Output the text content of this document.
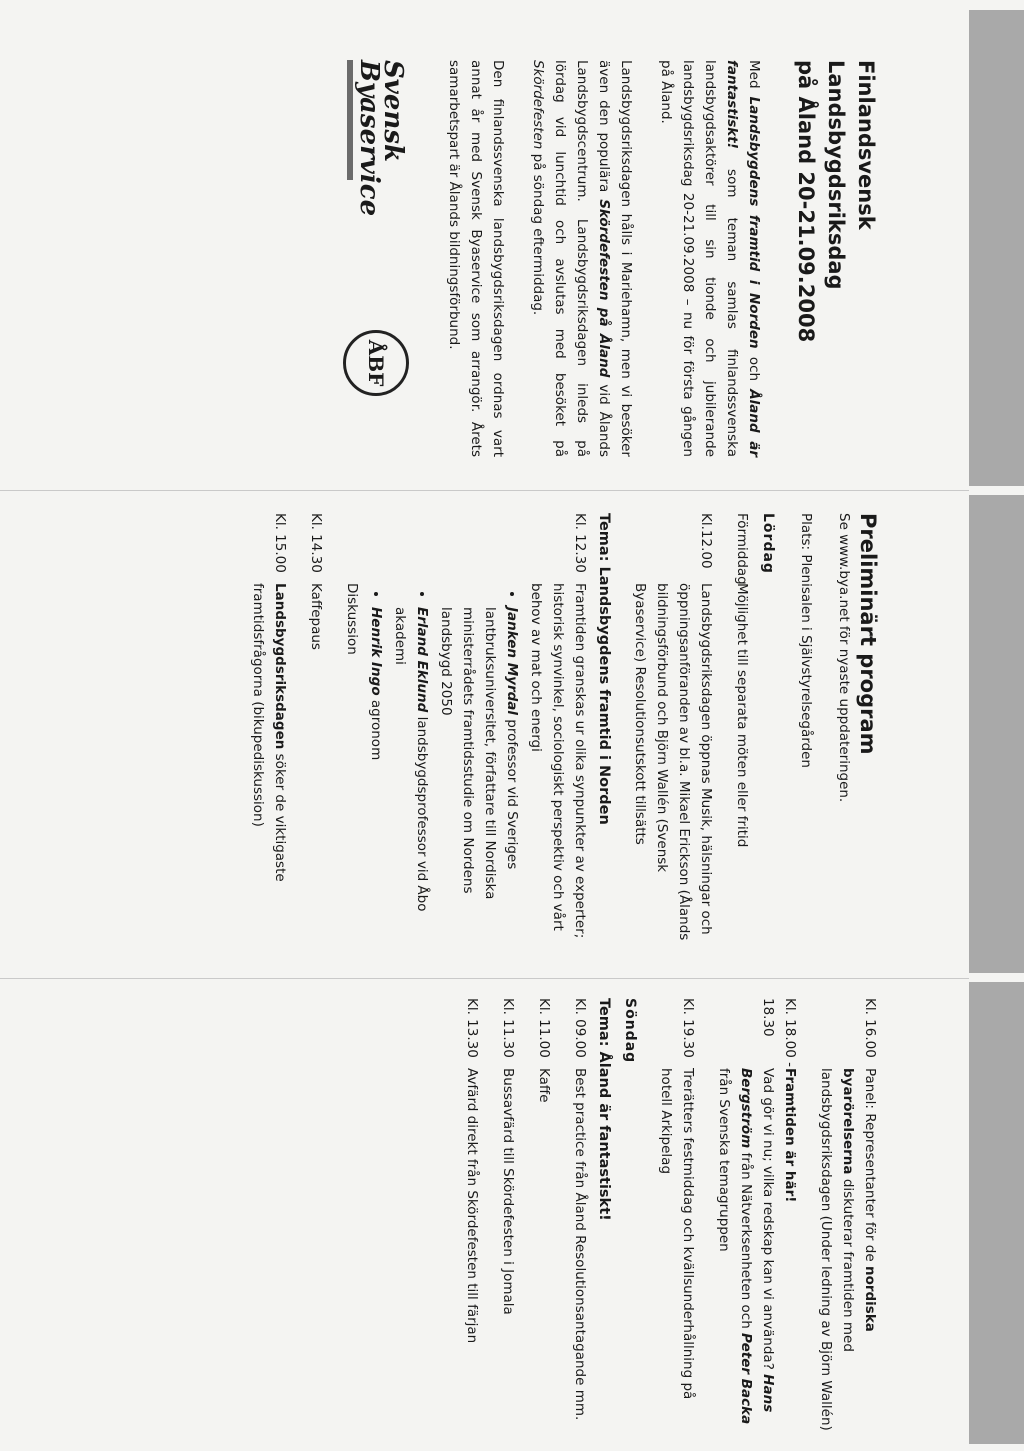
Finlandsvensk Landsbygdsriksdag
på Åland 20-21.09.2008

Med Landsbygdens framtid i Norden och Åland är fantastiskt! som teman samlas finlandssvenska landsbygdsaktörer till sin tionde och jubilerande landsbygdsriksdag 20-21.09.2008 – nu för första gången på Åland.

Landsbygdsriksdagen hålls i Mariehamn, men vi besöker även den populära Skördefesten på Åland vid Ålands Landsbygdscentrum. Landsbygdsriksdagen inleds på lördag vid lunchtid och avslutas med besöket på Skördefesten på söndag eftermiddag.

Den finlandssvenska landsbygdsriksdagen ordnas vart annat år med Svensk Byaservice som arrangör. Årets samarbetspart är Ålands bildningsförbund.

Svensk
Byaservice
ÅBF
Preliminärt program
Se www.bya.net för nyaste uppdateringen.
Plats: Plenisalen i Självstyrelsegården
Lördag
Förmiddag
Möjlighet till separata möten eller fritid
Kl.12.00
Landsbygdsriksdagen öppnas Musik, hälsningar och öppningsanföranden av bl.a. Mikael Erickson (Ålands bildningsförbund och Björn Wallén (Svensk Byaservice) Resolutionsutskott tillsätts
Tema: Landsbygdens framtid i Norden
Kl. 12.30
Framtiden granskas ur olika synpunkter av experter; historisk synvinkel, sociologiskt perspektiv och vårt behov av mat och energi
• Janken Myrdal professor vid Sveriges lantbruksuniversitet, författare till Nordiska ministerrådets framtidsstudie om Nordens landsbygd 2050
• Erland Eklund landsbygdsprofessor vid Åbo akademi
• Henrik Ingo agronom
Diskussion
Kl. 14.30
Kaffepaus
Kl. 15.00
Landsbygdsriksdagen söker de viktigaste framtidsfrågorna (bikupediskussion)
Kl. 16.00
Panel: Representanter för de nordiska byarörelserna diskuterar framtiden med landsbygdsriksdagen (Under ledning av Björn Wallén)
Kl. 18.00 - 18.30
Framtiden är här!
Vad gör vi nu; vilka redskap kan vi använda? Hans Bergström från Nätverksenheten och Peter Backa från Svenska temagruppen
Kl. 19.30
Trerätters festmiddag och kvällsunderhållning på hotell Arkipelag
Söndag
Tema: Åland är fantastiskt!
Kl. 09.00
Best practice från Åland Resolutionsantagande mm.
Kl. 11.00
Kaffe
Kl. 11.30
Bussavfärd till Skördefesten i Jomala
Kl. 13.30
Avfärd direkt från Skördefesten till färjan
